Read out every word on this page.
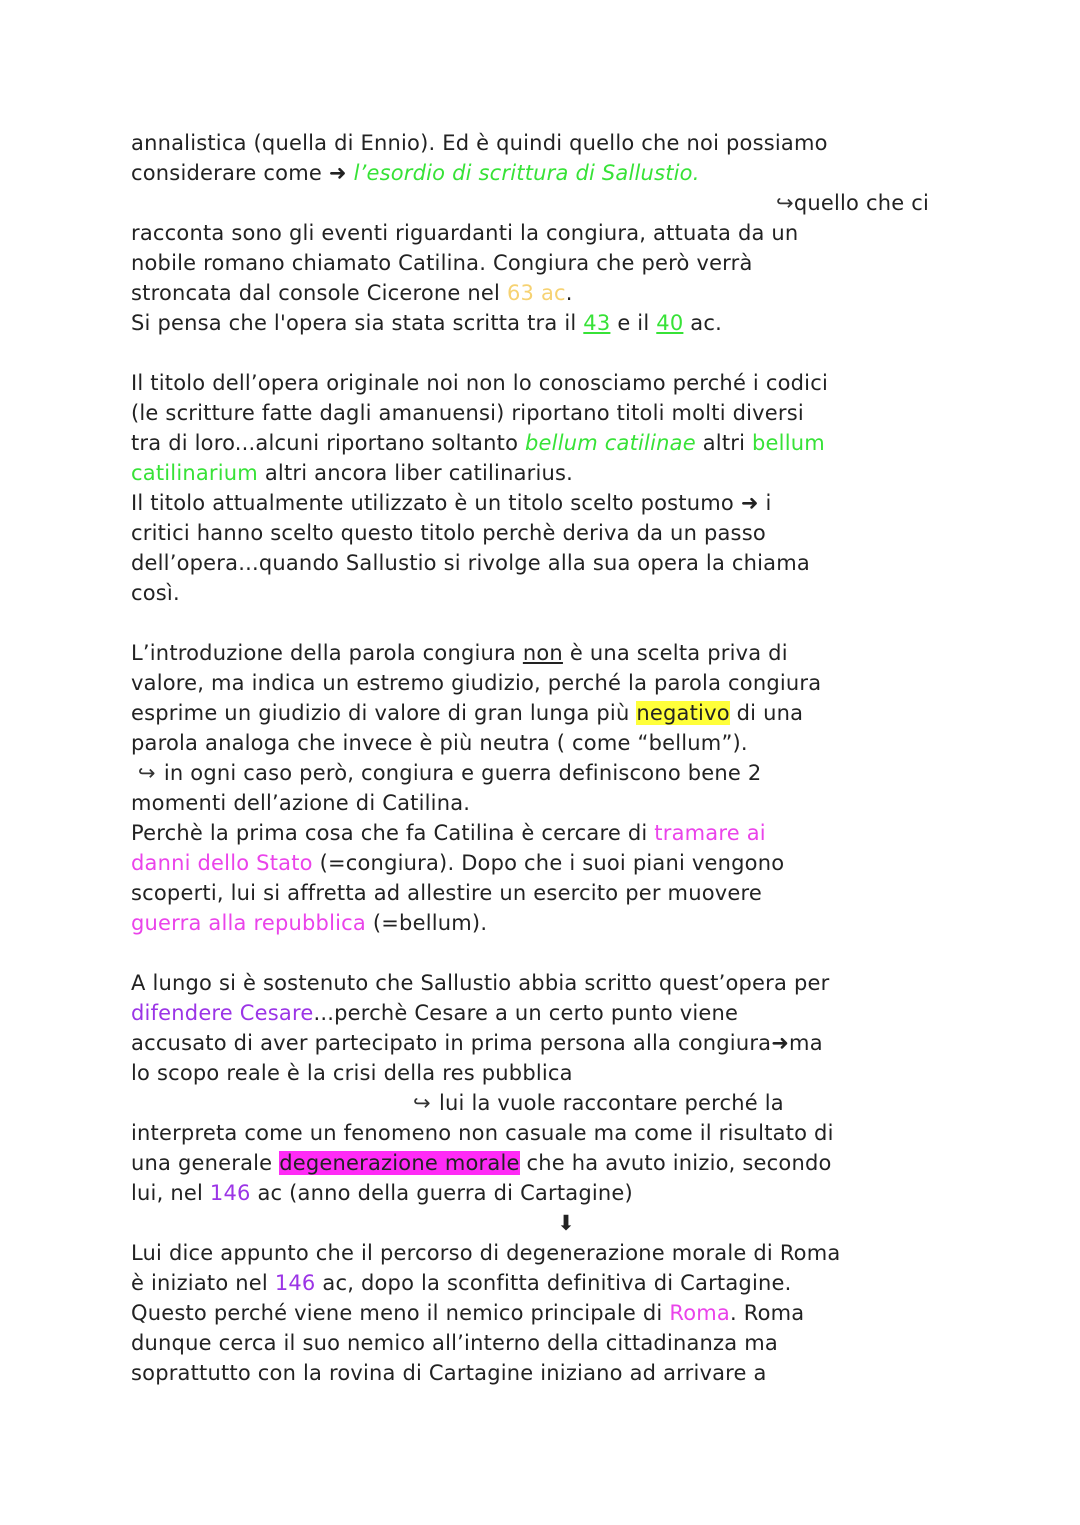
annalistica (quella di Ennio). Ed è quindi quello che noi possiamo
considerare come ➜ l’esordio di scrittura di Sallustio.
↪quello che ci
racconta sono gli eventi riguardanti la congiura, attuata da un
nobile romano chiamato Catilina. Congiura che però verrà
stroncata dal console Cicerone nel 63 ac.
Si pensa che l'opera sia stata scritta tra il 43 e il 40 ac.
Il titolo dell’opera originale noi non lo conosciamo perché i codici
(le scritture fatte dagli amanuensi) riportano titoli molti diversi
tra di loro...alcuni riportano soltanto bellum catilinae altri bellum
catilinarium altri ancora liber catilinarius.
Il titolo attualmente utilizzato è un titolo scelto postumo ➜ i
critici hanno scelto questo titolo perchè deriva da un passo
dell’opera...quando Sallustio si rivolge alla sua opera la chiama
così.
L’introduzione della parola congiura non è una scelta priva di
valore, ma indica un estremo giudizio, perché la parola congiura
esprime un giudizio di valore di gran lunga più negativo di una
parola analoga che invece è più neutra ( come “bellum”).
↪ in ogni caso però, congiura e guerra definiscono bene 2
momenti dell’azione di Catilina.
Perchè la prima cosa che fa Catilina è cercare di tramare ai
danni dello Stato (=congiura). Dopo che i suoi piani vengono
scoperti, lui si affretta ad allestire un esercito per muovere
guerra alla repubblica (=bellum).
A lungo si è sostenuto che Sallustio abbia scritto quest’opera per
difendere Cesare...perchè Cesare a un certo punto viene
accusato di aver partecipato in prima persona alla congiura➜ma
lo scopo reale è la crisi della res pubblica
↪ lui la vuole raccontare perché la
interpreta come un fenomeno non casuale ma come il risultato di
una generale degenerazione morale che ha avuto inizio, secondo
lui, nel 146 ac (anno della guerra di Cartagine)
⬇
Lui dice appunto che il percorso di degenerazione morale di Roma
è iniziato nel 146 ac, dopo la sconfitta definitiva di Cartagine.
Questo perché viene meno il nemico principale di Roma. Roma
dunque cerca il suo nemico all’interno della cittadinanza ma
soprattutto con la rovina di Cartagine iniziano ad arrivare a
